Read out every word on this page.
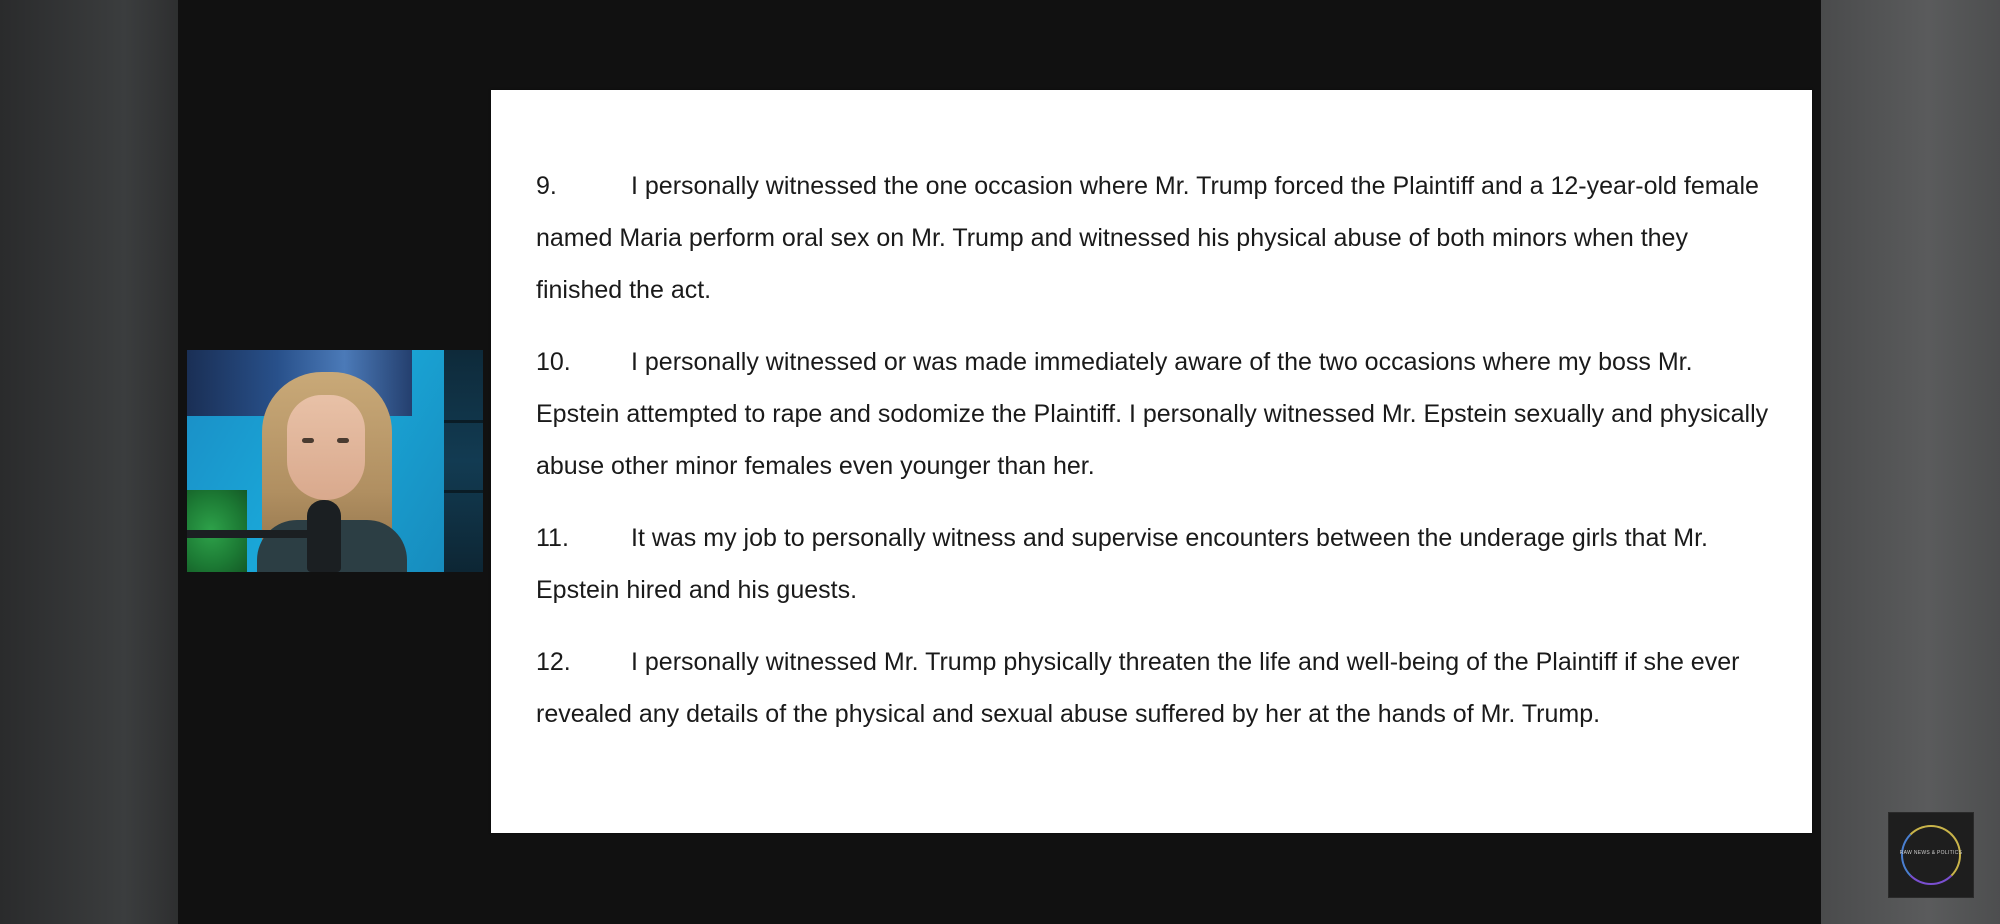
9.	I personally witnessed the one occasion where Mr. Trump forced the Plaintiff and a 12-year-old female named Maria perform oral sex on Mr. Trump and witnessed his physical abuse of both minors when they finished the act.
10.	I personally witnessed or was made immediately aware of the two occasions where my boss Mr. Epstein attempted to rape and sodomize the Plaintiff. I personally witnessed Mr. Epstein sexually and physically abuse other minor females even younger than her.
11.	It was my job to personally witness and supervise encounters between the underage girls that Mr. Epstein hired and his guests.
12.	I personally witnessed Mr. Trump physically threaten the life and well-being of the Plaintiff if she ever revealed any details of the physical and sexual abuse suffered by her at the hands of Mr. Trump.
RAW NEWS & POLITICS
